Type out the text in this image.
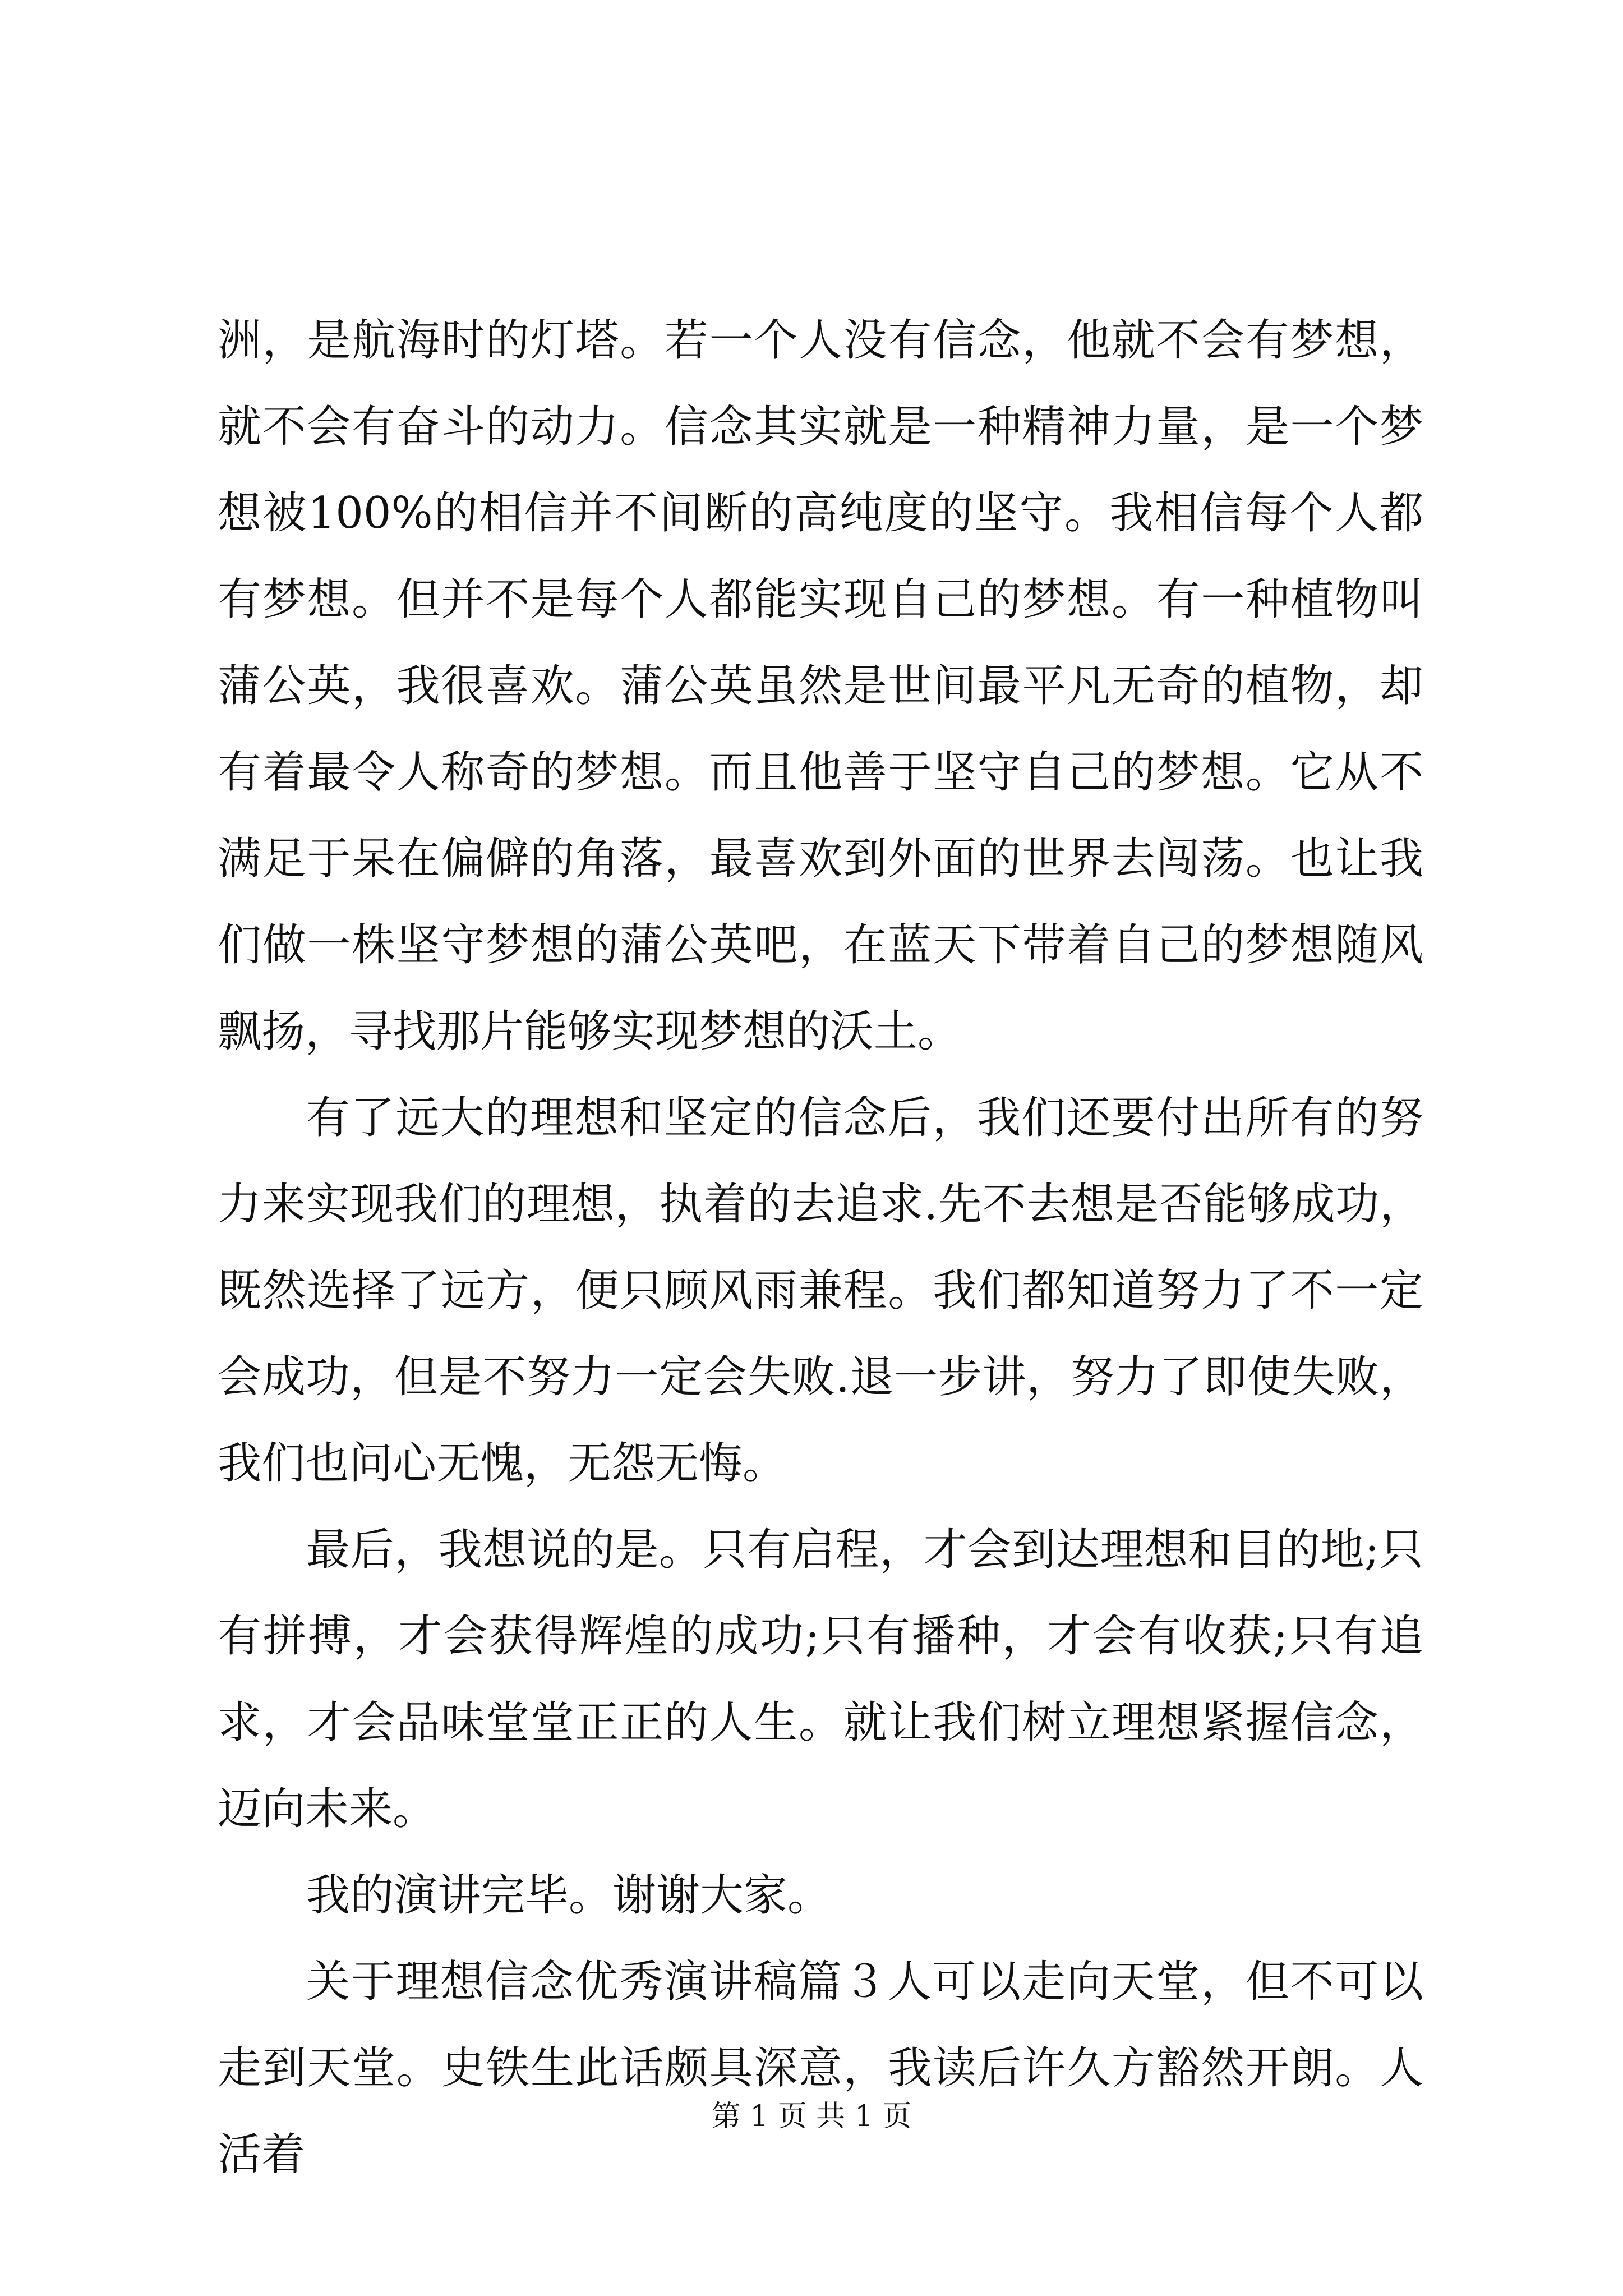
洲，是航海时的灯塔。若一个人没有信念，他就不会有梦想，就不会有奋斗的动力。信念其实就是一种精神力量，是一个梦想被100%的相信并不间断的高纯度的坚守。我相信每个人都有梦想。但并不是每个人都能实现自己的梦想。有一种植物叫蒲公英，我很喜欢。蒲公英虽然是世间最平凡无奇的植物，却有着最令人称奇的梦想。而且他善于坚守自己的梦想。它从不满足于呆在偏僻的角落，最喜欢到外面的世界去闯荡。也让我们做一株坚守梦想的蒲公英吧，在蓝天下带着自己的梦想随风飘扬，寻找那片能够实现梦想的沃土。

有了远大的理想和坚定的信念后，我们还要付出所有的努力来实现我们的理想，执着的去追求.先不去想是否能够成功，既然选择了远方，便只顾风雨兼程。我们都知道努力了不一定会成功，但是不努力一定会失败.退一步讲，努力了即使失败，我们也问心无愧，无怨无悔。

最后，我想说的是。只有启程，才会到达理想和目的地;只有拼搏，才会获得辉煌的成功;只有播种，才会有收获;只有追求，才会品味堂堂正正的人生。就让我们树立理想紧握信念，迈向未来。

我的演讲完毕。谢谢大家。

关于理想信念优秀演讲稿篇３人可以走向天堂，但不可以走到天堂。史铁生此话颇具深意，我读后许久方豁然开朗。人活着

第 1 页 共 1 页
